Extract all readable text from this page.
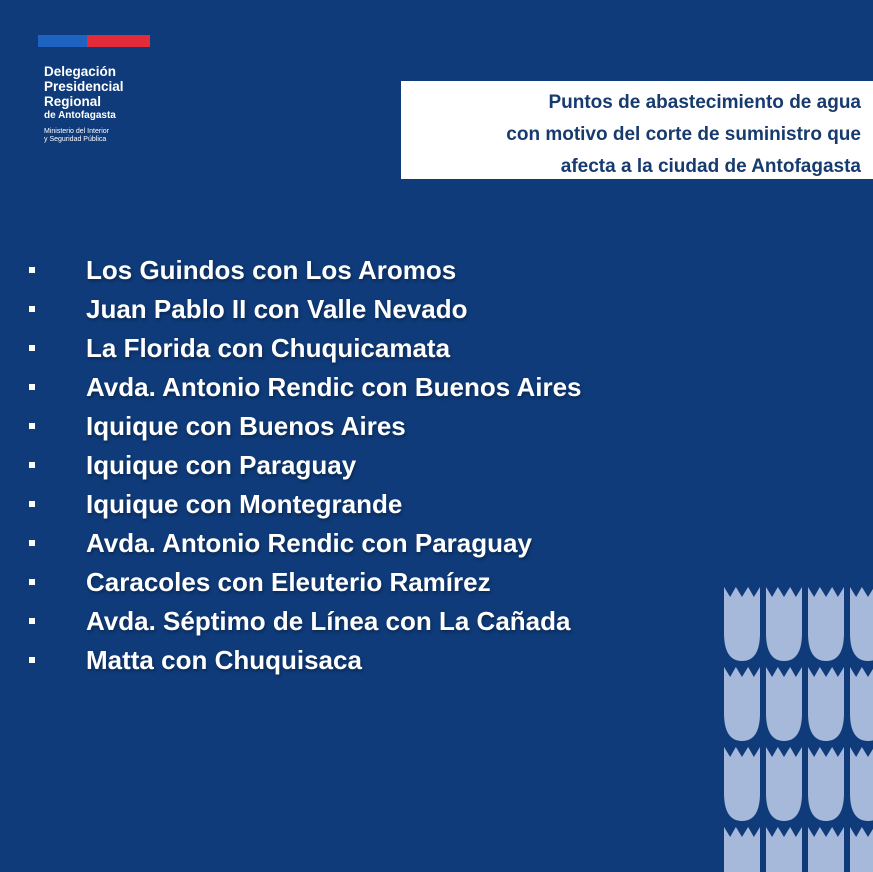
Delegación
Presidencial
Regional
de Antofagasta
Ministerio del Interior
y Seguridad Pública
Puntos de abastecimiento de agua
con motivo del corte de suministro que
afecta a la ciudad de Antofagasta
Los Guindos con Los Aromos
Juan Pablo II con Valle Nevado
La Florida con Chuquicamata
Avda. Antonio Rendic con Buenos Aires
Iquique con Buenos Aires
Iquique con Paraguay
Iquique con Montegrande
Avda. Antonio Rendic con Paraguay
Caracoles con Eleuterio Ramírez
Avda. Séptimo de Línea con La Cañada
Matta con Chuquisaca
